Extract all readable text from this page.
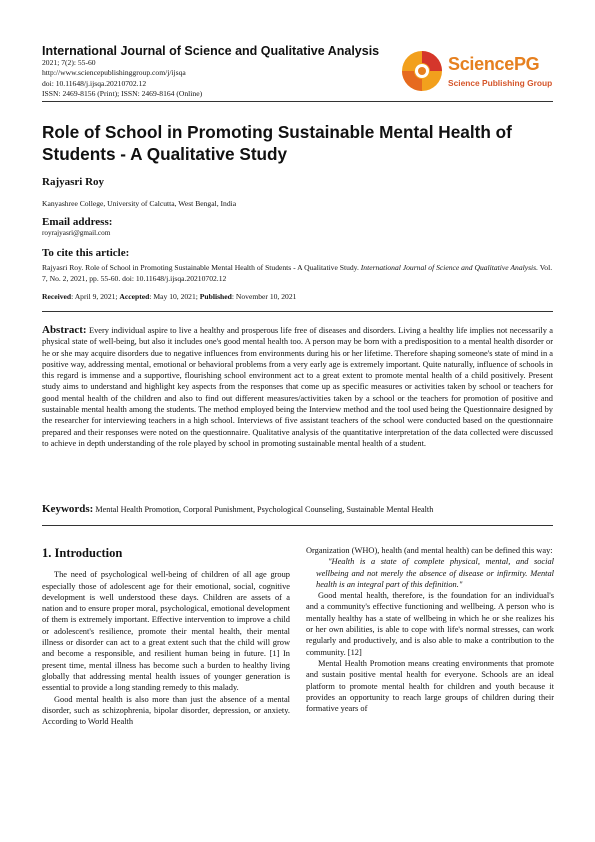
International Journal of Science and Qualitative Analysis
2021; 7(2): 55-60
http://www.sciencepublishinggroup.com/j/ijsqa
doi: 10.11648/j.ijsqa.20210702.12
ISSN: 2469-8156 (Print); ISSN: 2469-8164 (Online)
SciencePG
Science Publishing Group
Role of School in Promoting Sustainable Mental Health of Students - A Qualitative Study
Rajyasri Roy
Kanyashree College, University of Calcutta, West Bengal, India
Email address:
royrajyasri@gmail.com
To cite this article:
Rajyasri Roy. Role of School in Promoting Sustainable Mental Health of Students - A Qualitative Study. International Journal of Science and Qualitative Analysis. Vol. 7, No. 2, 2021, pp. 55-60. doi: 10.11648/j.ijsqa.20210702.12
Received: April 9, 2021; Accepted: May 10, 2021; Published: November 10, 2021
Abstract: Every individual aspire to live a healthy and prosperous life free of diseases and disorders. Living a healthy life implies not necessarily a physical state of well-being, but also it includes one's good mental health too. A person may be born with a predisposition to a mental health disorder or he or she may acquire disorders due to negative influences from environments during his or her lifetime. Therefore shaping someone's state of mind in a positive way, addressing mental, emotional or behavioral problems from a very early age is extremely important. Quite naturally, influence of schools in this regard is immense and a supportive, flourishing school environment act to a great extent to promote mental health of a child positively. Present study aims to understand and highlight key aspects from the responses that come up as specific measures or activities taken by school or teachers for good mental health of the children and also to find out different measures/activities taken by a school or the teachers for promotion of positive and sustainable mental health among the students. The method employed being the Interview method and the tool used being the Questionnaire designed by the researcher for interviewing teachers in a high school. Interviews of five assistant teachers of the school were conducted based on the questionnaire prepared and their responses were noted on the questionnaire. Qualitative analysis of the quantitative interpretation of the data collected were discussed to achieve in depth understanding of the role played by school in promoting sustainable mental health of a student.
Keywords: Mental Health Promotion, Corporal Punishment, Psychological Counseling, Sustainable Mental Health
1. Introduction

The need of psychological well-being of children of all age group especially those of adolescent age for their emotional, social, cognitive development is well understood these days. Children are assets of a nation and to ensure proper moral, psychological, emotional development of them is extremely important. Effective intervention to improve a child or adolescent's resilience, promote their mental health, their mental illness or disorder can act to a great extent such that the child will grow and become a responsible, and resilient human being in future. [1] In present time, mental illness has become such a burden to healthy living globally that addressing mental health issues of younger generation is essential to provide a long standing remedy to this malady.

Good mental health is also more than just the absence of a mental disorder, such as schizophrenia, bipolar disorder, depression, or anxiety. According to World Health

Organization (WHO), health (and mental health) can be defined this way:

"Health is a state of complete physical, mental, and social wellbeing and not merely the absence of disease or infirmity. Mental health is an integral part of this definition."

Good mental health, therefore, is the foundation for an individual's and a community's effective functioning and wellbeing. A person who is mentally healthy has a state of wellbeing in which he or she realizes his or her own abilities, is able to cope with life's normal stresses, can work regularly and productively, and is also able to make a contribution to the community. [12]

Mental Health Promotion means creating environments that promote and sustain positive mental health for everyone. Schools are an ideal platform to promote mental health for children and youth because it provides an opportunity to reach large groups of children during their formative years of
